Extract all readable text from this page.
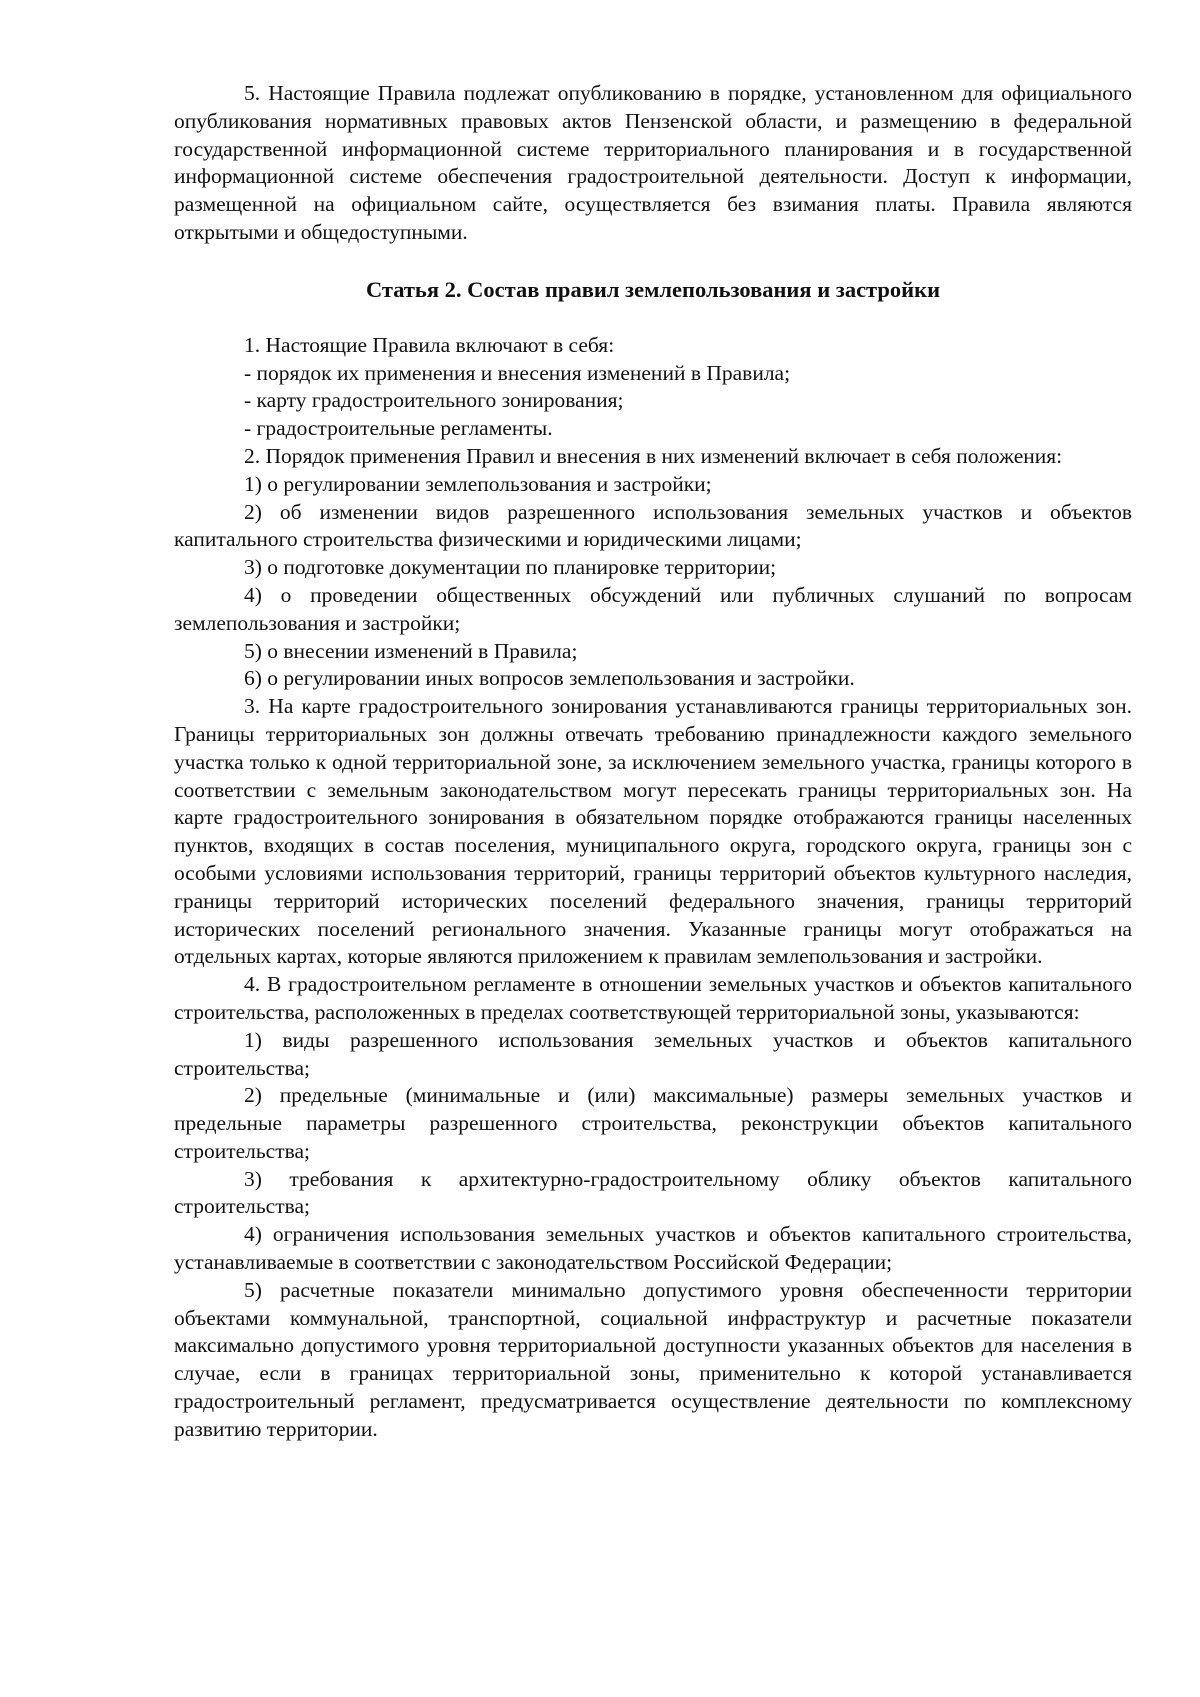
5. Настоящие Правила подлежат опубликованию в порядке, установленном для официального опубликования нормативных правовых актов Пензенской области, и размещению в федеральной государственной информационной системе территориального планирования и в государственной информационной системе обеспечения градостроительной деятельности. Доступ к информации, размещенной на официальном сайте, осуществляется без взимания платы. Правила являются открытыми и общедоступными.

Статья 2. Состав правил землепользования и застройки

1. Настоящие Правила включают в себя:

- порядок их применения и внесения изменений в Правила;

- карту градостроительного зонирования;

- градостроительные регламенты.

2. Порядок применения Правил и внесения в них изменений включает в себя положения:

1) о регулировании землепользования и застройки;

2) об изменении видов разрешенного использования земельных участков и объектов капитального строительства физическими и юридическими лицами;

3) о подготовке документации по планировке территории;

4) о проведении общественных обсуждений или публичных слушаний по вопросам землепользования и застройки;

5) о внесении изменений в Правила;

6) о регулировании иных вопросов землепользования и застройки.

3. На карте градостроительного зонирования устанавливаются границы территориальных зон. Границы территориальных зон должны отвечать требованию принадлежности каждого земельного участка только к одной территориальной зоне, за исключением земельного участка, границы которого в соответствии с земельным законодательством могут пересекать границы территориальных зон. На карте градостроительного зонирования в обязательном порядке отображаются границы населенных пунктов, входящих в состав поселения, муниципального округа, городского округа, границы зон с особыми условиями использования территорий, границы территорий объектов культурного наследия, границы территорий исторических поселений федерального значения, границы территорий исторических поселений регионального значения. Указанные границы могут отображаться на отдельных картах, которые являются приложением к правилам землепользования и застройки.

4. В градостроительном регламенте в отношении земельных участков и объектов капитального строительства, расположенных в пределах соответствующей территориальной зоны, указываются:

1) виды разрешенного использования земельных участков и объектов капитального строительства;

2) предельные (минимальные и (или) максимальные) размеры земельных участков и предельные параметры разрешенного строительства, реконструкции объектов капитального строительства;

3) требования к архитектурно-градостроительному облику объектов капитального строительства;

4) ограничения использования земельных участков и объектов капитального строительства, устанавливаемые в соответствии с законодательством Российской Федерации;

5) расчетные показатели минимально допустимого уровня обеспеченности территории объектами коммунальной, транспортной, социальной инфраструктур и расчетные показатели максимально допустимого уровня территориальной доступности указанных объектов для населения в случае, если в границах территориальной зоны, применительно к которой устанавливается градостроительный регламент, предусматривается осуществление деятельности по комплексному развитию территории.
